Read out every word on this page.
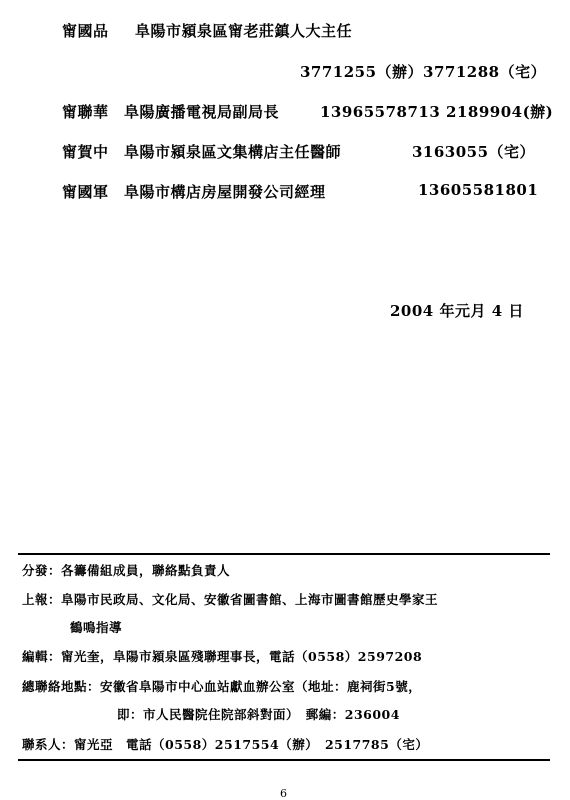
甯國品 阜陽市潁泉區甯老莊鎮人大主任
3771255（辦）3771288（宅）
甯聯華 阜陽廣播電視局副局長	13965578713 2189904(辦)
甯賀中 阜陽市潁泉區文集構店主任醫師	3163055（宅）
甯國軍 阜陽市構店房屋開發公司經理	13605581801
2004 年元月 4 日
分發：各籌備組成員，聯絡點負責人
上報：阜陽市民政局、文化局、安徽省圖書館、上海市圖書館歷史學家王
鶴鳴指導
編輯：甯光奎，阜陽市潁泉區殘聯理事長，電話（0558）2597208
總聯絡地點：安徽省阜陽市中心血站獻血辦公室（地址：鹿祠街5號，
即：市人民醫院住院部斜對面）　郵編：236004
聯系人：甯光亞　電話（0558）2517554（辦）　2517785（宅）
6
